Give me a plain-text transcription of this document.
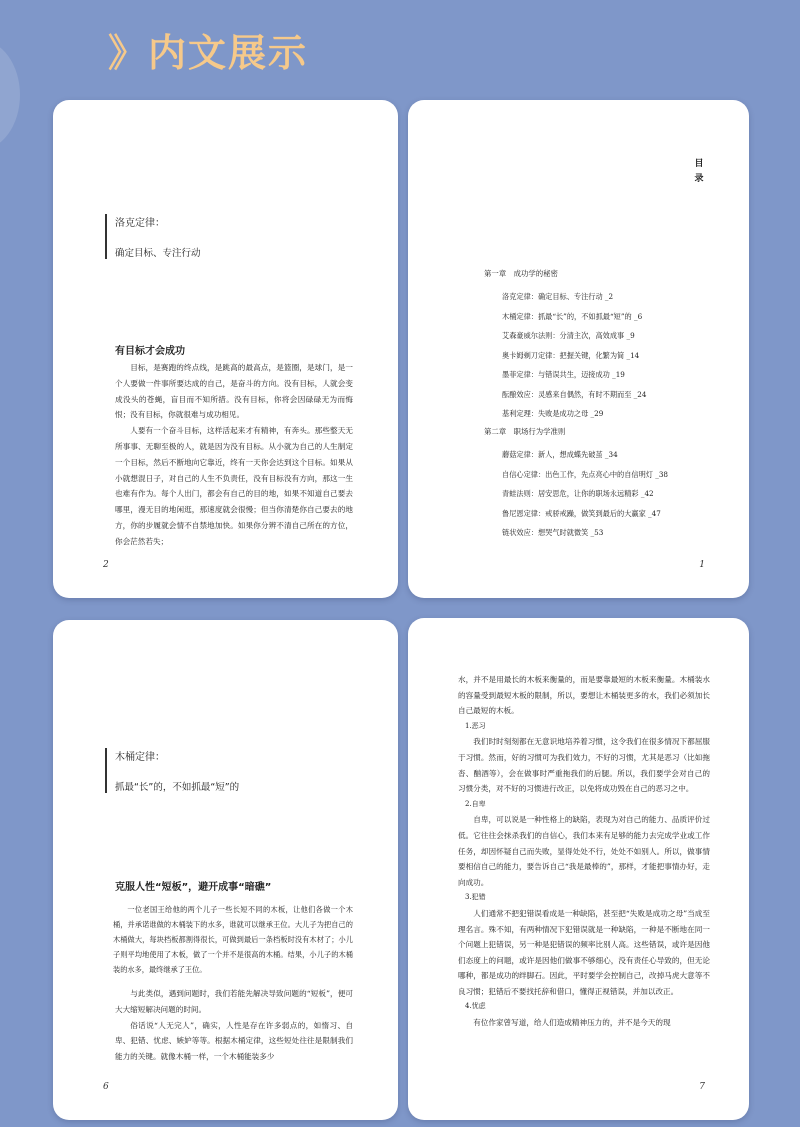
》内文展示
洛克定律：
确定目标、专注行动
有目标才会成功

目标，是赛跑的终点线，是跳高的最高点，是篮圈，是球门，是一个人要做一件事所要达成的自己，是奋斗的方向。没有目标，人就会变成没头的苍蝇，盲目而不知所措。没有目标，你将会因碌碌无为而悔恨；没有目标，你就很难与成功相见。

人要有一个奋斗目标，这样活起来才有精神，有奔头。那些整天无所事事、无聊至极的人，就是因为没有目标。从小就为自己的人生制定一个目标，然后不断地向它靠近，终有一天你会达到这个目标。如果从小就想混日子，对自己的人生不负责任，没有目标没有方向，那这一生也难有作为。每个人出门，都会有自己的目的地，如果不知道自己要去哪里，漫无目的地闲逛，那速度就会很慢；但当你清楚你自己要去的地方，你的步履就会情不自禁地加快。如果你分辨不清自己所在的方位，你会茫然若失；

2
目录
第一章　成功学的秘密
洛克定律：确定目标、专注行动 _2
木桶定律：抓最“长”的，不如抓最“短”的 _6
艾森豪威尔法则：分清主次，高效成事 _9
奥卡姆剃刀定律：把握关键，化繁为简 _14
墨菲定律：与错误共生，迈接成功 _19
酝酿效应：灵感来自偶然，有时不期而至 _24
基利定理：失败是成功之母 _29
第二章　职场行为学准则
蘑菇定律：新人，想成蝶先破茧 _34
自信心定律：出色工作，先点亮心中的自信明灯 _38
青蛙法则：居安思危，让你的职场永远精彩 _42
鲁尼恩定律：戒骄戒躁，做笑到最后的大赢家 _47
链状效应：想哭气时就微笑 _53
1
木桶定律：
抓最“长”的，不如抓最“短”的
克服人性“短板”，避开成事“暗礁”

一位老国王给他的两个儿子一些长短不同的木板，让他们各做一个木桶，并承诺谁做的木桶装下的水多，谁就可以继承王位。大儿子为把自己的木桶做大，每块档板都割得很长，可做到最后一条档板时没有木材了；小儿子则平均地使用了木板，做了一个并不是很高的木桶。结果，小儿子的木桶装的水多，最终继承了王位。

与此类似，遇到问题时，我们若能先解决导致问题的“短板”，便可大大缩短解决问题的时间。

俗话说“人无完人”，确实，人性是存在许多弱点的，如惰习、自卑、犯错、忧虑、嫉妒等等。根据木桶定律，这些短处往往是限制我们能力的关键。就像木桶一样，一个木桶能装多少

6

水，并不是用最长的木板来衡量的，而是要靠最短的木板来衡量。木桶装水的容量受到最短木板的限制，所以，要想让木桶装更多的水，我们必须加长自己最短的木板。

1.恶习

我们时时刻刻都在无意识地培养着习惯，这令我们在很多情况下都屈服于习惯。然而，好的习惯可为我们效力，不好的习惯，尤其是恶习（比如拖沓、酗酒等），会在做事时严重拖我们的后腿。所以，我们要学会对自己的习惯分类，对不好的习惯进行改正，以免将成功毁在自己的恶习之中。

2.自卑

自卑，可以说是一种性格上的缺陷，表现为对自己的能力、品质评价过低。它往往会抹杀我们的自信心，我们本来有足够的能力去完成学业或工作任务，却因怀疑自己而失败，显得处处不行，处处不如别人。所以，做事情要相信自己的能力，要告诉自己“我是最棒的”，那样，才能把事情办好，走向成功。

3.犯错

人们通常不把犯错误看成是一种缺陷，甚至把“失败是成功之母”当成至理名言。殊不知，有两种情况下犯错误就是一种缺陷，一种是不断地在同一个问题上犯错误，另一种是犯错误的频率比别人高。这些错误，或许是因他们态度上的问题，或许是因他们做事不够细心，没有责任心导致的，但无论哪种，都是成功的绊脚石。因此，平时要学会控制自己，改掉马虎大意等不良习惯；犯错后不要找托辞和借口，懂得正视错误，并加以改正。

4.忧虑

有位作家曾写道，给人们造成精神压力的，并不是今天的现

7
